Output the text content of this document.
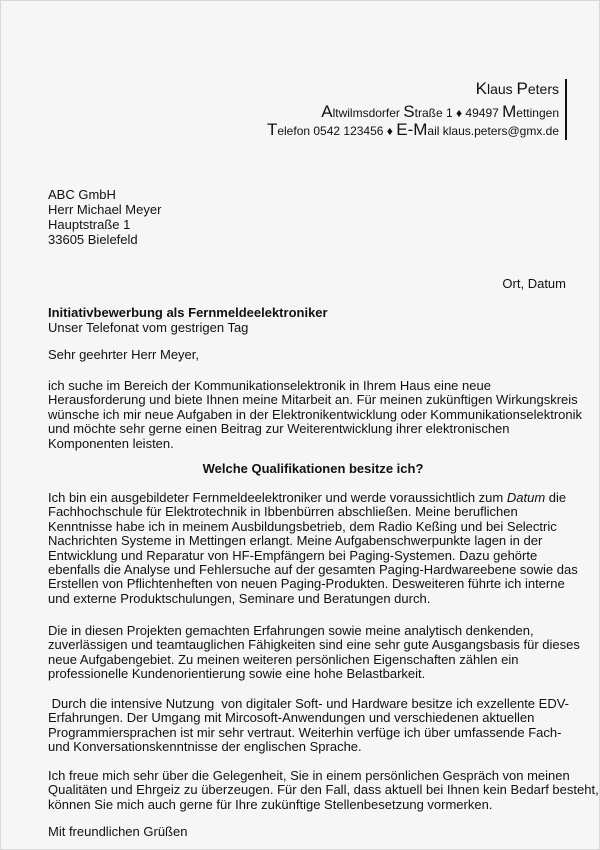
Klaus Peters
Altwilmsdorfer Straße 1 ♦ 49497 Mettingen
Telefon 0542 123456 ♦ E-Mail klaus.peters@gmx.de
ABC GmbH
Herr Michael Meyer
Hauptstraße 1
33605 Bielefeld
Ort, Datum
Initiativbewerbung als Fernmeldeelektroniker
Unser Telefonat vom gestrigen Tag
Sehr geehrter Herr Meyer,
ich suche im Bereich der Kommunikationselektronik in Ihrem Haus eine neue
Herausforderung und biete Ihnen meine Mitarbeit an. Für meinen zukünftigen Wirkungskreis
wünsche ich mir neue Aufgaben in der Elektronikentwicklung oder Kommunikationselektronik
und möchte sehr gerne einen Beitrag zur Weiterentwicklung ihrer elektronischen
Komponenten leisten.
Welche Qualifikationen besitze ich?
Ich bin ein ausgebildeter Fernmeldeelektroniker und werde voraussichtlich zum Datum die
Fachhochschule für Elektrotechnik in Ibbenbürren abschließen. Meine beruflichen
Kenntnisse habe ich in meinem Ausbildungsbetrieb, dem Radio Keßing und bei Selectric
Nachrichten Systeme in Mettingen erlangt. Meine Aufgabenschwerpunkte lagen in der
Entwicklung und Reparatur von HF-Empfängern bei Paging-Systemen. Dazu gehörte
ebenfalls die Analyse und Fehlersuche auf der gesamten Paging-Hardwareebene sowie das
Erstellen von Pflichtenheften von neuen Paging-Produkten. Desweiteren führte ich interne
und externe Produktschulungen, Seminare und Beratungen durch.
Die in diesen Projekten gemachten Erfahrungen sowie meine analytisch denkenden,
zuverlässigen und teamtauglichen Fähigkeiten sind eine sehr gute Ausgangsbasis für dieses
neue Aufgabengebiet. Zu meinen weiteren persönlichen Eigenschaften zählen ein
professionelle Kundenorientierung sowie eine hohe Belastbarkeit.
Durch die intensive Nutzung  von digitaler Soft- und Hardware besitze ich exzellente EDV-
Erfahrungen. Der Umgang mit Mircosoft-Anwendungen und verschiedenen aktuellen
Programmiersprachen ist mir sehr vertraut. Weiterhin verfüge ich über umfassende Fach-
und Konversationskenntnisse der englischen Sprache.
Ich freue mich sehr über die Gelegenheit, Sie in einem persönlichen Gespräch von meinen
Qualitäten und Ehrgeiz zu überzeugen. Für den Fall, dass aktuell bei Ihnen kein Bedarf besteht,
können Sie mich auch gerne für Ihre zukünftige Stellenbesetzung vormerken.
Mit freundlichen Grüßen
